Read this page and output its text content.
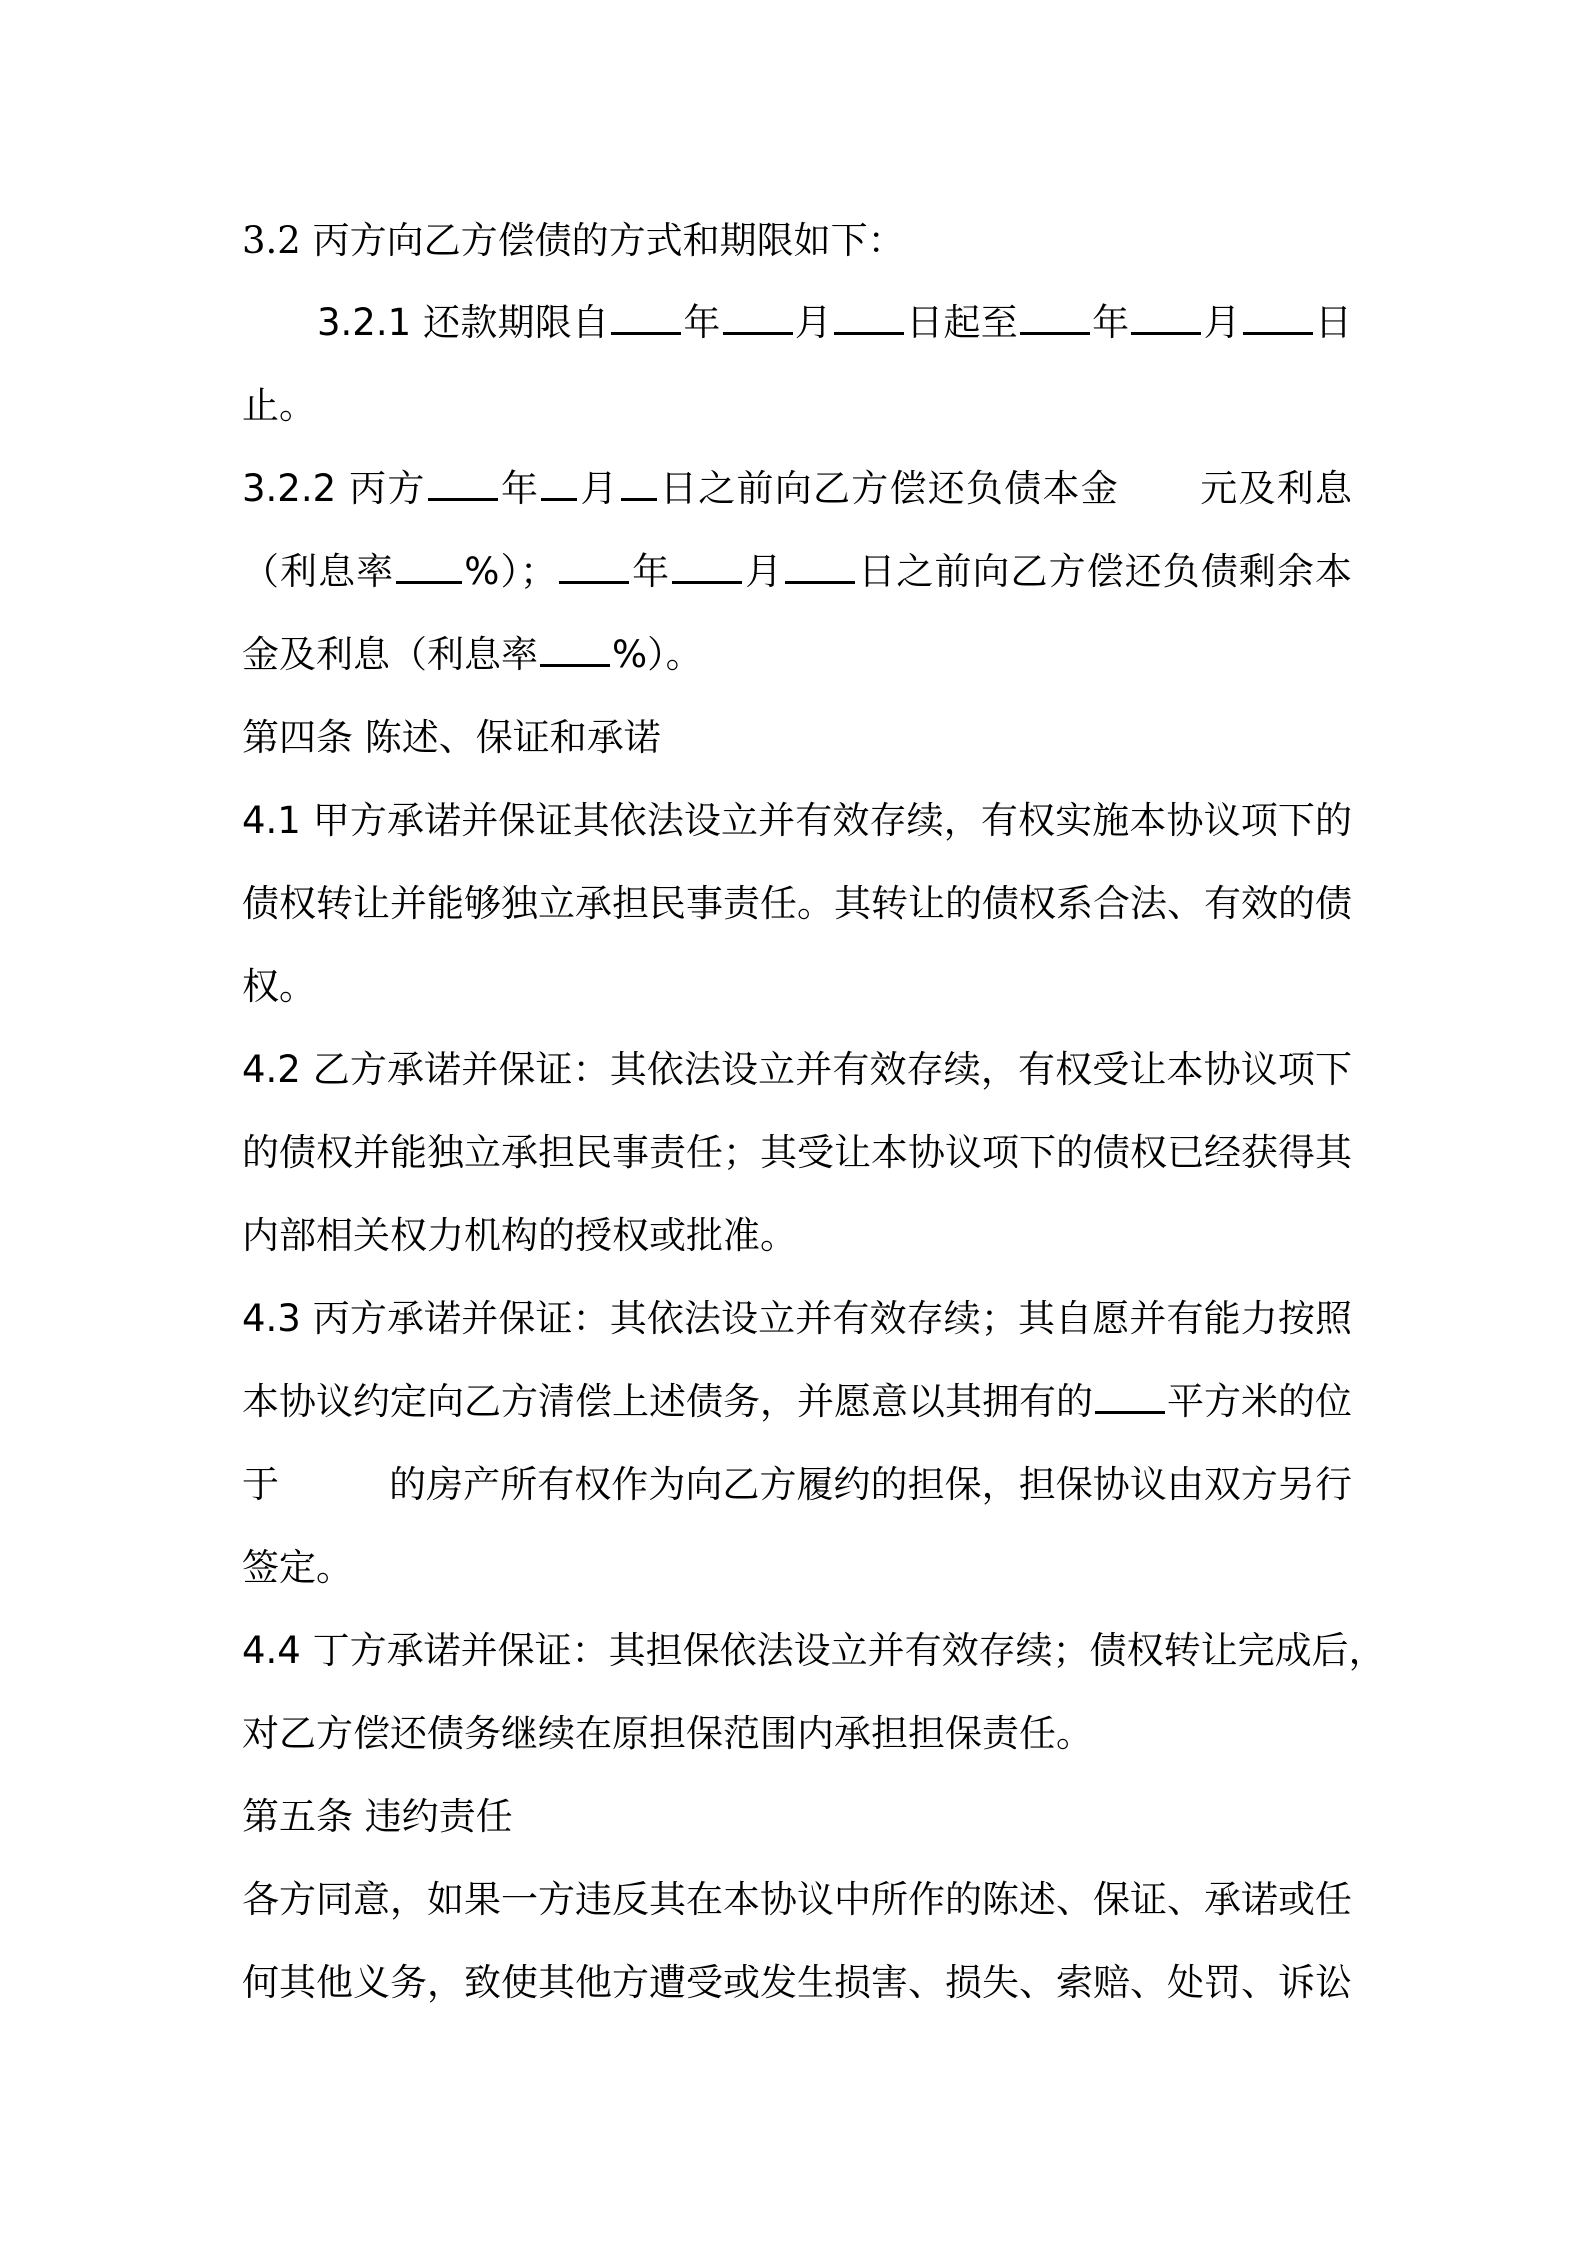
3.2 丙方向乙方偿债的方式和期限如下：
3.2.1 还款期限自 年 月 日起至 年 月 日
止。
3.2.2 丙方 年 月 日之前向乙方偿还负债本金 元及利息
（利息率 %）； 年 月 日之前向乙方偿还负债剩余本
金及利息（利息率 %）。
第四条 陈述、保证和承诺
4.1 甲方承诺并保证其依法设立并有效存续，有权实施本协议项下的
债权转让并能够独立承担民事责任。其转让的债权系合法、有效的债
权。
4.2 乙方承诺并保证：其依法设立并有效存续，有权受让本协议项下
的债权并能独立承担民事责任；其受让本协议项下的债权已经获得其
内部相关权力机构的授权或批准。
4.3 丙方承诺并保证：其依法设立并有效存续；其自愿并有能力按照
本协议约定向乙方清偿上述债务，并愿意以其拥有的 平方米的位
于	的房产所有权作为向乙方履约的担保，担保协议由双方另行
签定。
4.4 丁方承诺并保证：其担保依法设立并有效存续；债权转让完成后，
对乙方偿还债务继续在原担保范围内承担担保责任。
第五条 违约责任
各方同意，如果一方违反其在本协议中所作的陈述、保证、承诺或任
何其他义务，致使其他方遭受或发生损害、损失、索赔、处罚、诉讼
